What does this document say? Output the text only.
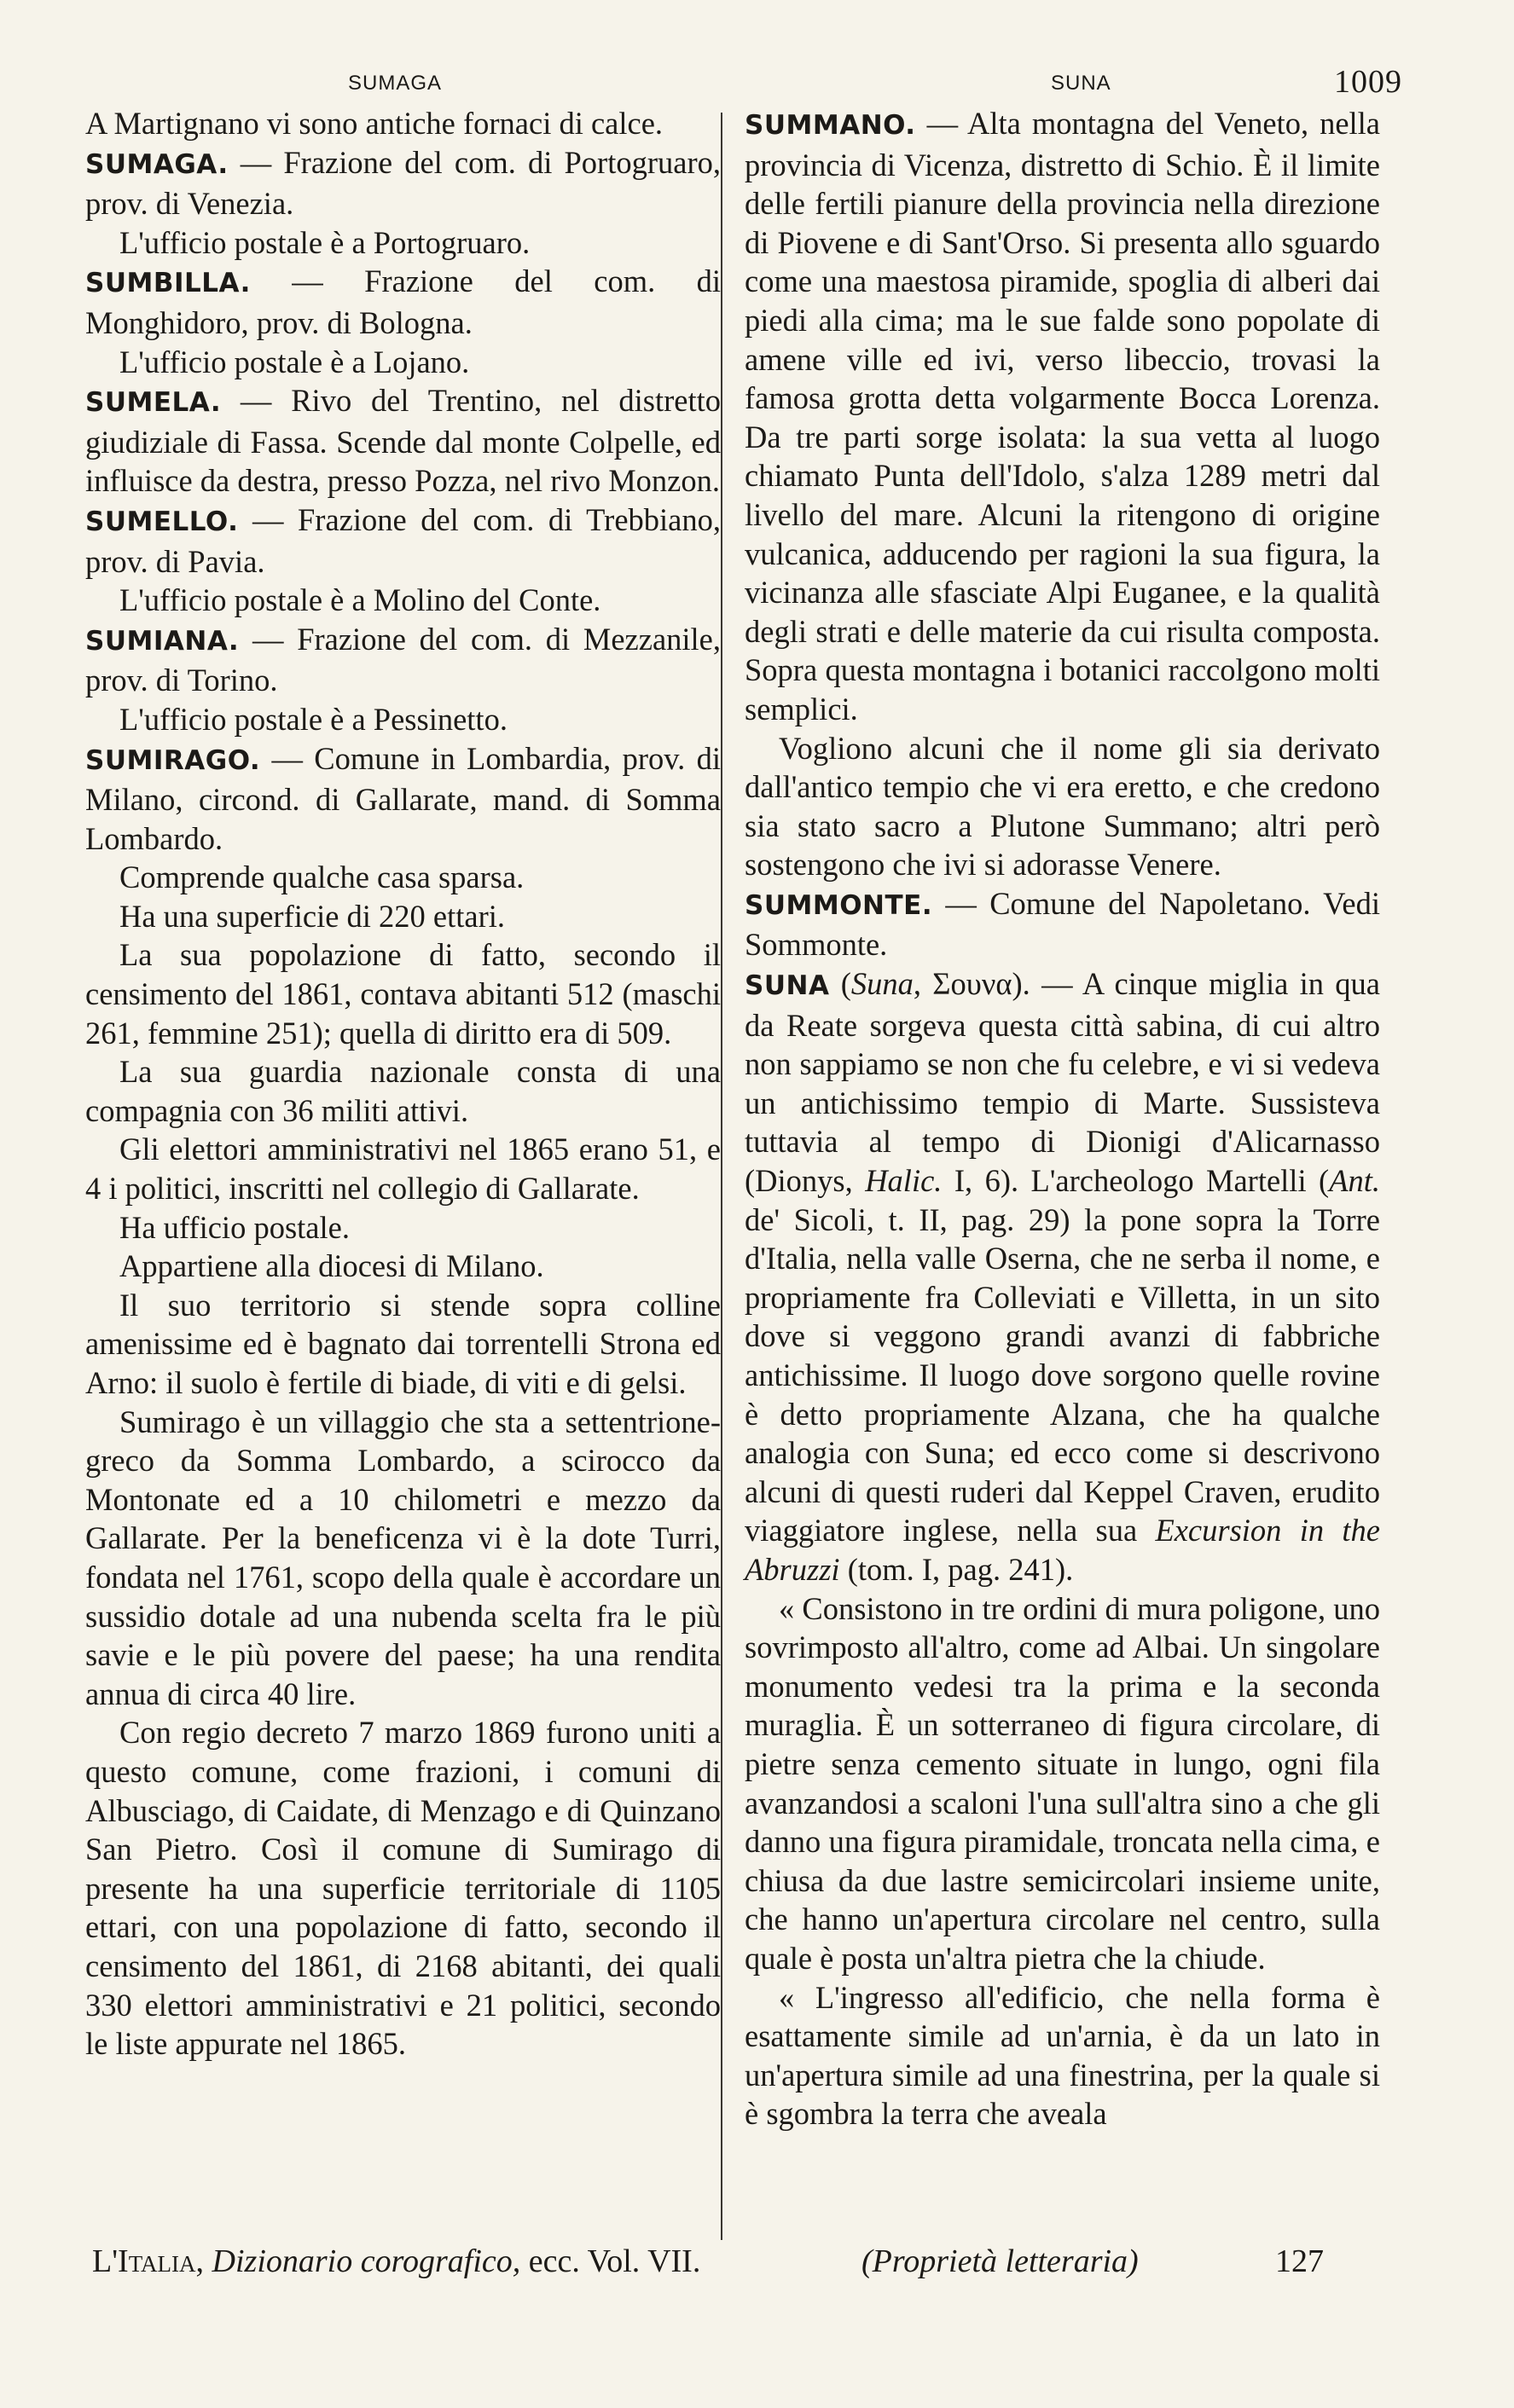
SUMAGA	SUNA	1009

A Martignano vi sono antiche fornaci di calce.

SUMAGA. — Frazione del com. di Portogruaro, prov. di Venezia.

L'ufficio postale è a Portogruaro.

SUMBILLA. — Frazione del com. di Monghidoro, prov. di Bologna.

L'ufficio postale è a Lojano.

SUMELA. — Rivo del Trentino, nel distretto giudiziale di Fassa. Scende dal monte Colpelle, ed influisce da destra, presso Pozza, nel rivo Monzon.

SUMELLO. — Frazione del com. di Trebbiano, prov. di Pavia.

L'ufficio postale è a Molino del Conte.

SUMIANA. — Frazione del com. di Mezzanile, prov. di Torino.

L'ufficio postale è a Pessinetto.

SUMIRAGO. — Comune in Lombardia, prov. di Milano, circond. di Gallarate, mand. di Somma Lombardo.

Comprende qualche casa sparsa.

Ha una superficie di 220 ettari.

La sua popolazione di fatto, secondo il censimento del 1861, contava abitanti 512 (maschi 261, femmine 251); quella di diritto era di 509.

La sua guardia nazionale consta di una compagnia con 36 militi attivi.

Gli elettori amministrativi nel 1865 erano 51, e 4 i politici, inscritti nel collegio di Gallarate.

Ha ufficio postale.

Appartiene alla diocesi di Milano.

Il suo territorio si stende sopra colline amenissime ed è bagnato dai torrentelli Strona ed Arno: il suolo è fertile di biade, di viti e di gelsi.

Sumirago è un villaggio che sta a settentrione-greco da Somma Lombardo, a scirocco da Montonate ed a 10 chilometri e mezzo da Gallarate. Per la beneficenza vi è la dote Turri, fondata nel 1761, scopo della quale è accordare un sussidio dotale ad una nubenda scelta fra le più savie e le più povere del paese; ha una rendita annua di circa 40 lire.

Con regio decreto 7 marzo 1869 furono uniti a questo comune, come frazioni, i comuni di Albusciago, di Caidate, di Menzago e di Quinzano San Pietro. Così il comune di Sumirago di presente ha una superficie territoriale di 1105 ettari, con una popolazione di fatto, secondo il censimento del 1861, di 2168 abitanti, dei quali 330 elettori amministrativi e 21 politici, secondo le liste appurate nel 1865.

SUMMANO. — Alta montagna del Veneto, nella provincia di Vicenza, distretto di Schio. È il limite delle fertili pianure della provincia nella direzione di Piovene e di Sant'Orso. Si presenta allo sguardo come una maestosa piramide, spoglia di alberi dai piedi alla cima; ma le sue falde sono popolate di amene ville ed ivi, verso libeccio, trovasi la famosa grotta detta volgarmente Bocca Lorenza. Da tre parti sorge isolata: la sua vetta al luogo chiamato Punta dell'Idolo, s'alza 1289 metri dal livello del mare. Alcuni la ritengono di origine vulcanica, adducendo per ragioni la sua figura, la vicinanza alle sfasciate Alpi Euganee, e la qualità degli strati e delle materie da cui risulta composta. Sopra questa montagna i botanici raccolgono molti semplici.

Vogliono alcuni che il nome gli sia derivato dall'antico tempio che vi era eretto, e che credono sia stato sacro a Plutone Summano; altri però sostengono che ivi si adorasse Venere.

SUMMONTE. — Comune del Napoletano. Vedi Sommonte.

SUNA (Suna, Σουνα). — A cinque miglia in qua da Reate sorgeva questa città sabina, di cui altro non sappiamo se non che fu celebre, e vi si vedeva un antichissimo tempio di Marte. Sussisteva tuttavia al tempo di Dionigi d'Alicarnasso (Dionys, Halic. I, 6). L'archeologo Martelli (Ant. de' Sicoli, t. II, pag. 29) la pone sopra la Torre d'Italia, nella valle Oserna, che ne serba il nome, e propriamente fra Colleviati e Villetta, in un sito dove si veggono grandi avanzi di fabbriche antichissime. Il luogo dove sorgono quelle rovine è detto propriamente Alzana, che ha qualche analogia con Suna; ed ecco come si descrivono alcuni di questi ruderi dal Keppel Craven, erudito viaggiatore inglese, nella sua Excursion in the Abruzzi (tom. I, pag. 241).

« Consistono in tre ordini di mura poligone, uno sovrimposto all'altro, come ad Albai. Un singolare monumento vedesi tra la prima e la seconda muraglia. È un sotterraneo di figura circolare, di pietre senza cemento situate in lungo, ogni fila avanzandosi a scaloni l'una sull'altra sino a che gli danno una figura piramidale, troncata nella cima, e chiusa da due lastre semicircolari insieme unite, che hanno un'apertura circolare nel centro, sulla quale è posta un'altra pietra che la chiude.

« L'ingresso all'edificio, che nella forma è esattamente simile ad un'arnia, è da un lato in un'apertura simile ad una finestrina, per la quale si è sgombra la terra che aveala

L'Italia, Dizionario corografico, ecc. Vol. VII.	(Proprietà letteraria)	127
